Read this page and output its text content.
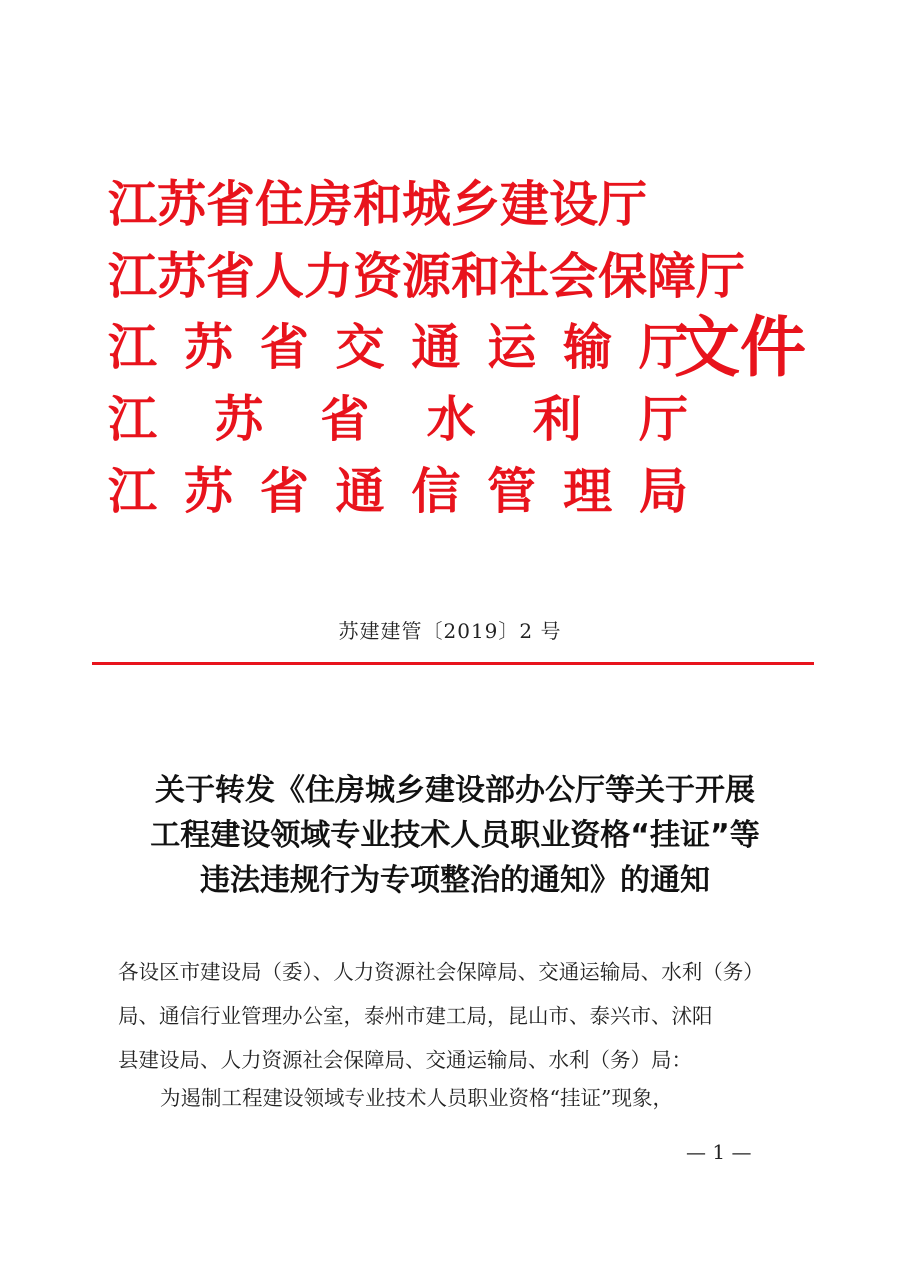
江苏省住房和城乡建设厅
江苏省人力资源和社会保障厅
江 苏 省 交 通 运 输 厅
江 苏 省 水 利 厅
江 苏 省 通 信 管 理 局
文件
苏建建管〔2019〕2 号
关于转发《住房城乡建设部办公厅等关于开展
工程建设领域专业技术人员职业资格“挂证”等
违法违规行为专项整治的通知》的通知
各设区市建设局（委）、人力资源社会保障局、交通运输局、水利（务）
局、通信行业管理办公室，泰州市建工局，昆山市、泰兴市、沭阳
县建设局、人力资源社会保障局、交通运输局、水利（务）局：
为遏制工程建设领域专业技术人员职业资格“挂证”现象，
— 1 —
